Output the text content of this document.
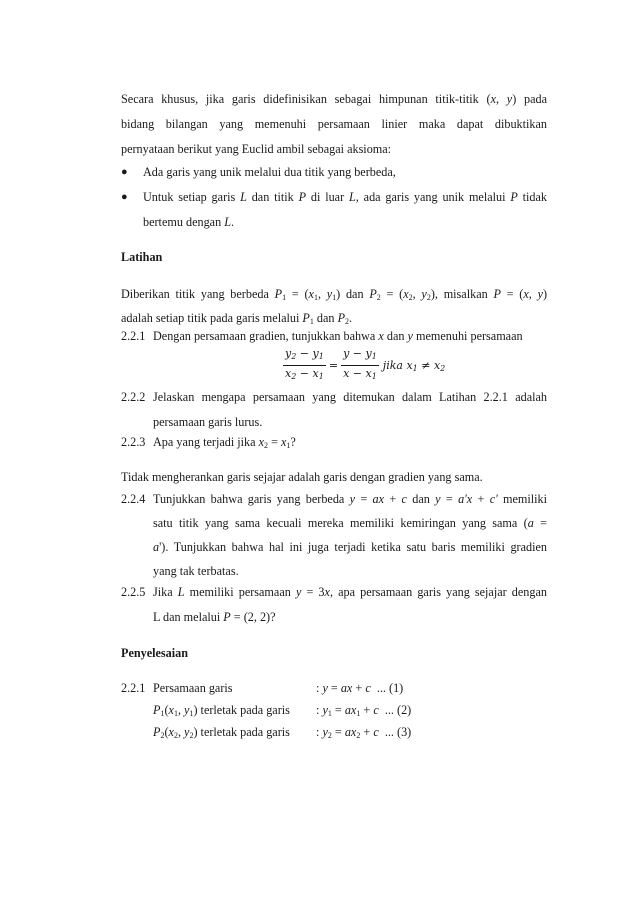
Secara khusus, jika garis didefinisikan sebagai himpunan titik-titik (x, y) pada
bidang bilangan yang memenuhi persamaan linier maka dapat dibuktikan
pernyataan berikut yang Euclid ambil sebagai aksioma:
● Ada garis yang unik melalui dua titik yang berbeda,
● Untuk setiap garis L dan titik P di luar L, ada garis yang unik melalui P tidak
bertemu dengan L.
Latihan
Diberikan titik yang berbeda $P_1 = (x_1$, $y_1$) dan $P_2 = (x_2$, $y_2$), misalkan P = (x, y)
adalah setiap titik pada garis melalui $P_1$ dan $P_2$.
2.2.1 Dengan persamaan gradien, tunjukkan bahwa x dan y memenuhi persamaan
$\frac{y_2 - y_1}{x_2 - x_1} = \frac{y - y_1}{x - x_1}$ jika $x_1 \ne x_2$
2.2.2 Jelaskan mengapa persamaan yang ditemukan dalam Latihan 2.2.1 adalah
persamaan garis lurus.
2.2.3 Apa yang terjadi jika $x_2 = x_1$?
Tidak mengherankan garis sejajar adalah garis dengan gradien yang sama.
2.2.4 Tunjukkan bahwa garis yang berbeda y = ax + c dan y = a'x + c' memiliki
satu titik yang sama kecuali mereka memiliki kemiringan yang sama (a =
a'). Tunjukkan bahwa hal ini juga terjadi ketika satu baris memiliki gradien
yang tak terbatas.
2.2.5 Jika L memiliki persamaan y = 3x, apa persamaan garis yang sejajar dengan
L dan melalui P = (2, 2)?
Penyelesaian
2.2.1 Persamaan garis	: y = ax + c  ... (1)
$P_1(x_1$, $y_1$) terletak pada garis : $y_1 = ax_1 + c$  ... (2)
$P_2(x_2$, $y_2$) terletak pada garis : $y_2 = ax_2 + c$  ... (3)
